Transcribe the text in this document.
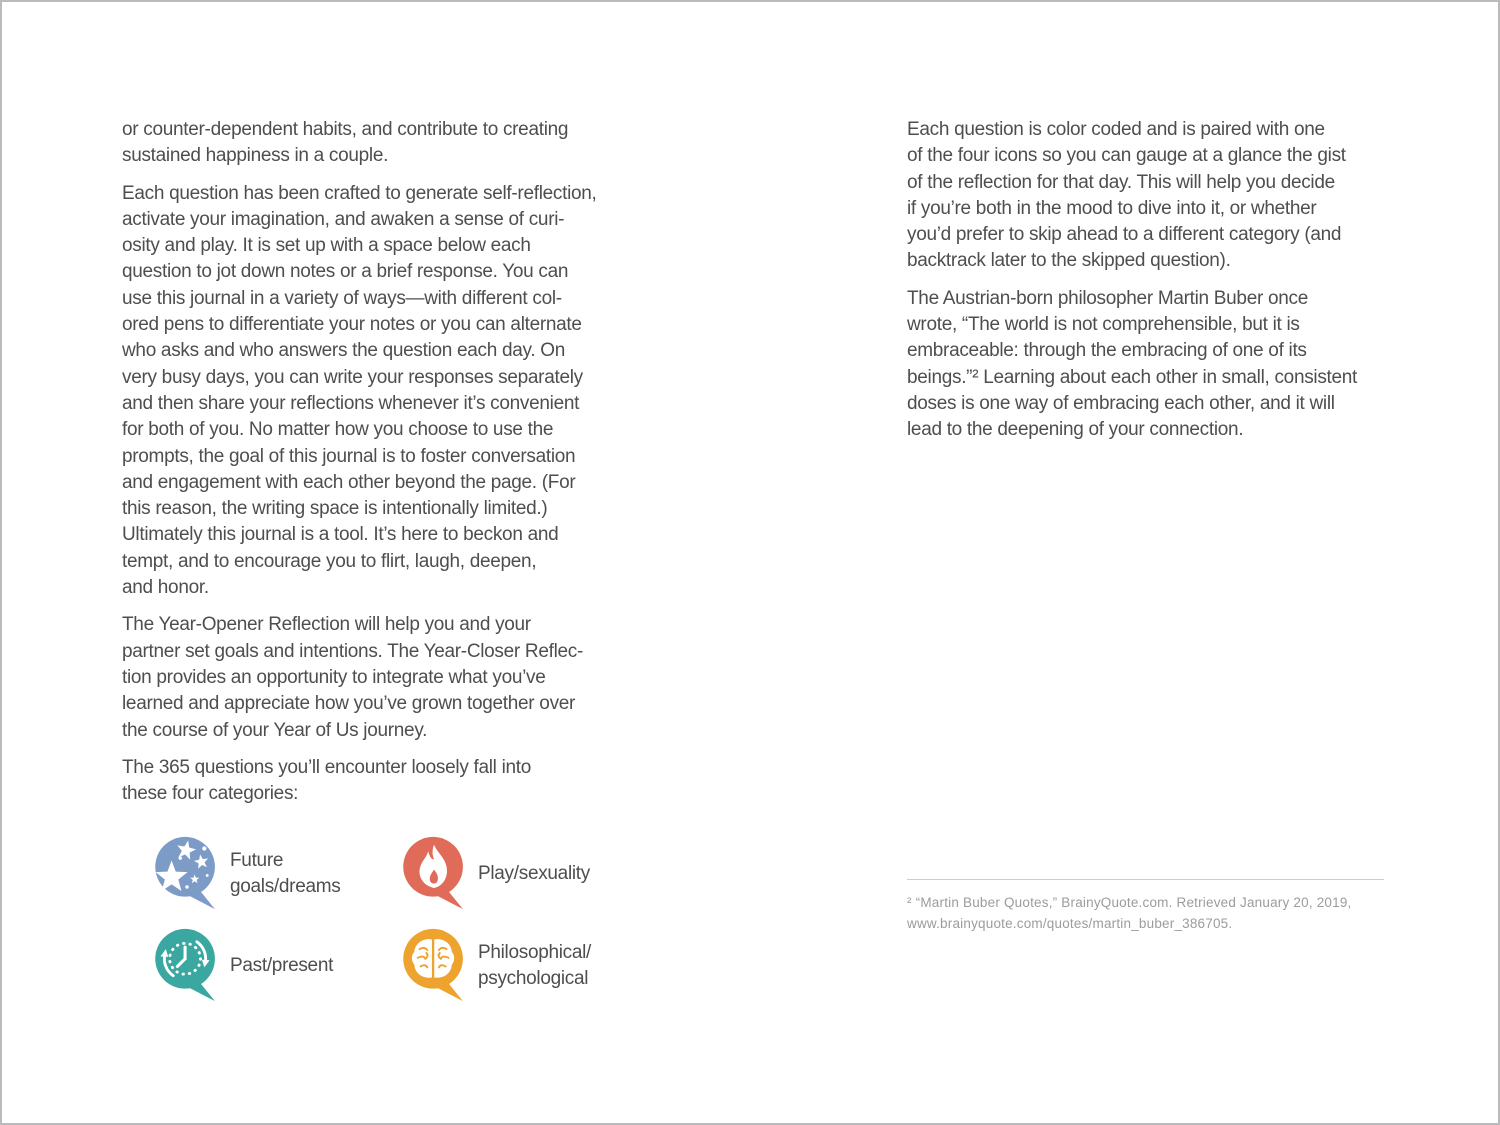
or counter-dependent habits, and contribute to creating
sustained happiness in a couple.
Each question has been crafted to generate self-reflection,
activate your imagination, and awaken a sense of curi-
osity and play. It is set up with a space below each
question to jot down notes or a brief response. You can
use this journal in a variety of ways—with different col-
ored pens to differentiate your notes or you can alternate
who asks and who answers the question each day. On
very busy days, you can write your responses separately
and then share your reflections whenever it’s convenient
for both of you. No matter how you choose to use the
prompts, the goal of this journal is to foster conversation
and engagement with each other beyond the page. (For
this reason, the writing space is intentionally limited.)
Ultimately this journal is a tool. It’s here to beckon and
tempt, and to encourage you to flirt, laugh, deepen,
and honor.
The Year-Opener Reflection will help you and your
partner set goals and intentions. The Year-Closer Reflec-
tion provides an opportunity to integrate what you’ve
learned and appreciate how you’ve grown together over
the course of your Year of Us journey.
The 365 questions you’ll encounter loosely fall into
these four categories:
Future
goals/dreams
Play/sexuality
Past/present
Philosophical/
psychological
Each question is color coded and is paired with one
of the four icons so you can gauge at a glance the gist
of the reflection for that day. This will help you decide
if you’re both in the mood to dive into it, or whether
you’d prefer to skip ahead to a different category (and
backtrack later to the skipped question).
The Austrian-born philosopher Martin Buber once
wrote, “The world is not comprehensible, but it is
embraceable: through the embracing of one of its
beings.”² Learning about each other in small, consistent
doses is one way of embracing each other, and it will
lead to the deepening of your connection.
² “Martin Buber Quotes,” BrainyQuote.com. Retrieved January 20, 2019,
www.brainyquote.com/quotes/martin_buber_386705.
